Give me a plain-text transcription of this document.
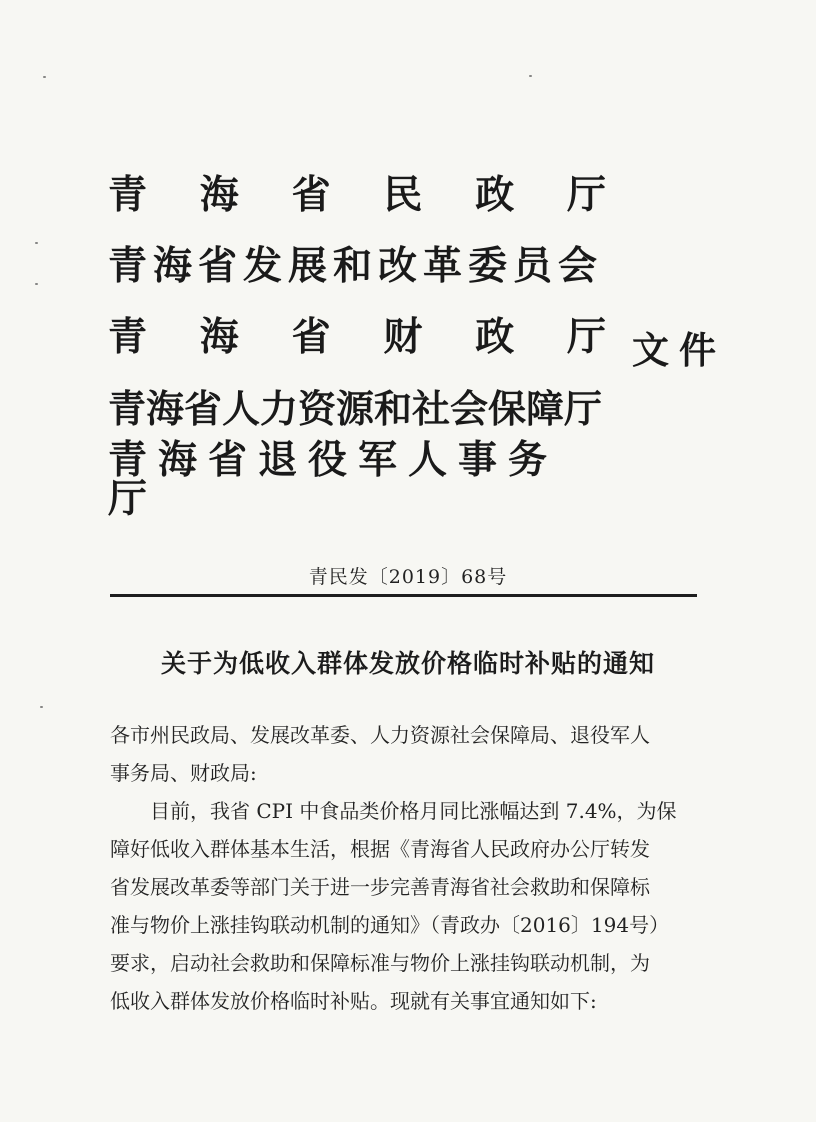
青 海 省 民 政 厅
青海省发展和改革委员会
青 海 省 财 政 厅
青海省人力资源和社会保障厅
青海省退役军人事务厅
文件
青民发〔2019〕68号
关于为低收入群体发放价格临时补贴的通知

各市州民政局、发展改革委、人力资源社会保障局、退役军人
事务局、财政局:

目前，我省 CPI 中食品类价格月同比涨幅达到 7.4%，为保
障好低收入群体基本生活，根据《青海省人民政府办公厅转发
省发展改革委等部门关于进一步完善青海省社会救助和保障标
准与物价上涨挂钩联动机制的通知》（青政办〔2016〕194号）
要求，启动社会救助和保障标准与物价上涨挂钩联动机制，为
低收入群体发放价格临时补贴。现就有关事宜通知如下:
